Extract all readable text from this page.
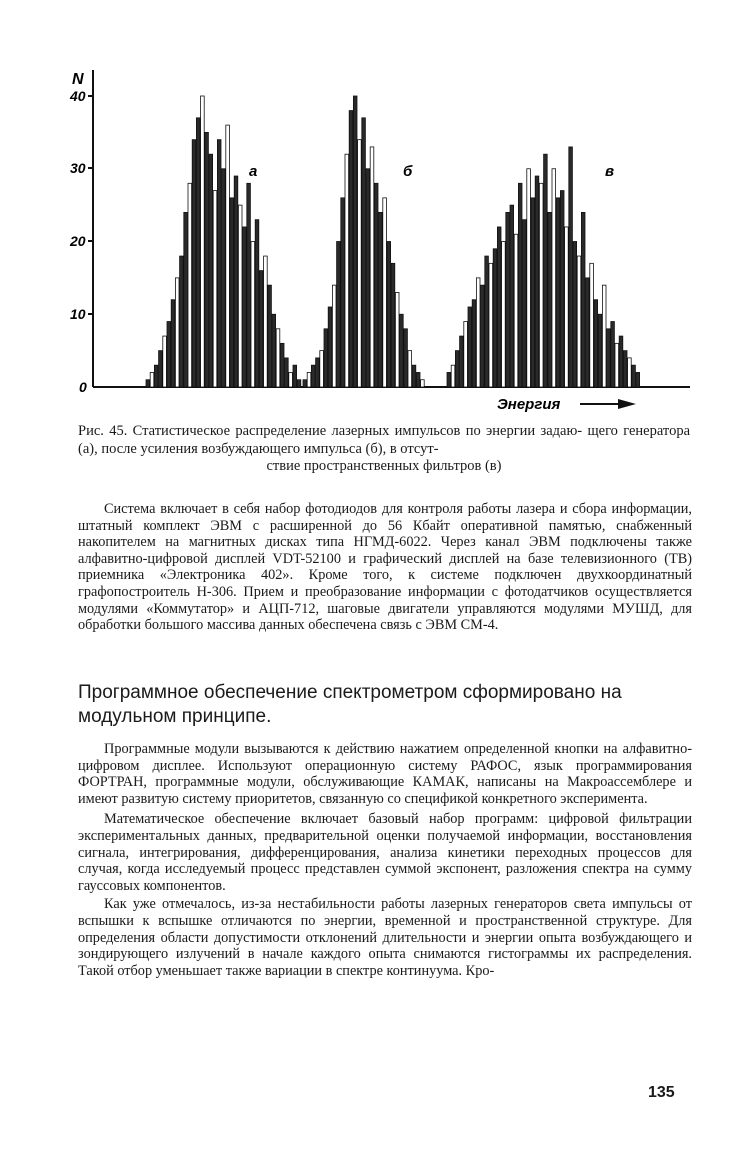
N
40
30
20
10
0
а	б	в
Энергия
Рис. 45. Статистическое распределение лазерных импульсов по энергии задаю- щего генератора (а), после усиления возбуждающего импульса (б), в отсут-
ствие пространственных фильтров (в)

Система включает в себя набор фотодиодов для контроля работы лазера и сбора информации, штатный комплект ЭВМ с расширенной до 56 Кбайт оперативной памятью, снабженный накопителем на магнитных дисках типа НГМД-6022. Через канал ЭВМ подключены также алфавитно-цифровой дисплей VDT-52100 и графический дисплей на базе телевизионного (ТВ) приемника «Электроника 402». Кроме того, к системе подключен двухкоординатный графопостроитель Н-306. Прием и преобразование информации с фотодатчиков осуществляется модулями «Коммутатор» и АЦП-712, шаговые двигатели управляются модулями МУШД, для обработки большого массива данных обеспечена связь с ЭВМ СМ-4.

Программное обеспечение спектрометром сформировано на модульном принципе.

Программные модули вызываются к действию нажатием определенной кнопки на алфавитно-цифровом дисплее. Используют операционную систему РАФОС, язык программирования ФОРТРАН, программные модули, обслуживающие КАМАК, написаны на Макроассемблере и имеют развитую систему приоритетов, связанную со спецификой конкретного эксперимента.

Математическое обеспечение включает базовый набор программ: цифровой фильтрации экспериментальных данных, предварительной оценки получаемой информации, восстановления сигнала, интегрирования, дифференцирования, анализа кинетики переходных процессов для случая, когда исследуемый процесс представлен суммой экспонент, разложения спектра на сумму гауссовых компонентов.

Как уже отмечалось, из-за нестабильности работы лазерных генераторов света импульсы от вспышки к вспышке отличаются по энергии, временной и пространственной структуре. Для определения области допустимости отклонений длительности и энергии опыта возбуждающего и зондирующего излучений в начале каждого опыта снимаются гистограммы их распределения. Такой отбор уменьшает также вариации в спектре континуума. Кро-

135
